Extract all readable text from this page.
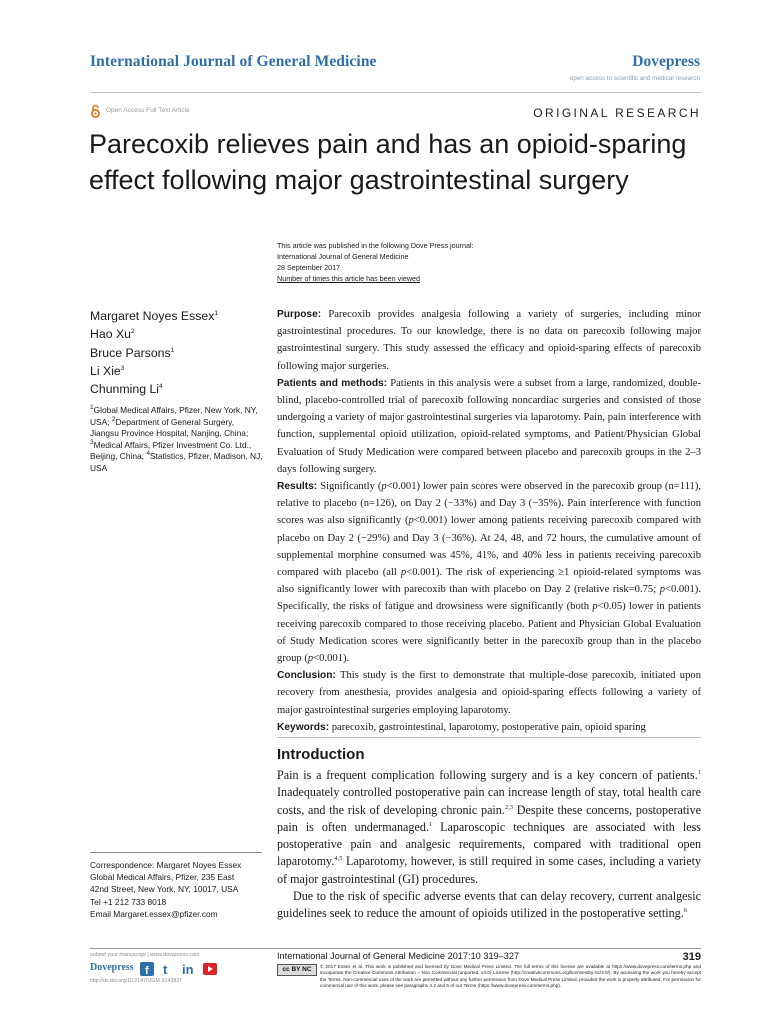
International Journal of General Medicine	Dovepress
open access to scientific and medical research
Open Access Full Text Article	ORIGINAL RESEARCH
Parecoxib relieves pain and has an opioid-sparing effect following major gastrointestinal surgery
This article was published in the following Dove Press journal:
International Journal of General Medicine
28 September 2017
Number of times this article has been viewed
Margaret Noyes Essex$^1$
Hao Xu$^2$
Bruce Parsons$^1$
Li Xie$^3$
Chunming Li$^4$
$^1$Global Medical Affairs, Pfizer, New York, NY, USA; $^2$Department of General Surgery, Jiangsu Province Hospital, Nanjing, China; $^3$Medical Affairs, Pfizer Investment Co. Ltd., Beijing, China; $^4$Statistics, Pfizer, Madison, NJ, USA

Purpose: Parecoxib provides analgesia following a variety of surgeries, including minor gastrointestinal procedures. To our knowledge, there is no data on parecoxib following major gastrointestinal surgery. This study assessed the efficacy and opioid-sparing effects of parecoxib following major surgeries.

Patients and methods: Patients in this analysis were a subset from a large, randomized, double-blind, placebo-controlled trial of parecoxib following noncardiac surgeries and consisted of those undergoing a variety of major gastrointestinal surgeries via laparotomy. Pain, pain interference with function, supplemental opioid utilization, opioid-related symptoms, and Patient/Physician Global Evaluation of Study Medication were compared between placebo and parecoxib groups in the 2–3 days following surgery.

Results: Significantly (p<0.001) lower pain scores were observed in the parecoxib group (n=111), relative to placebo (n=126), on Day 2 (−33%) and Day 3 (−35%). Pain interference with function scores was also significantly (p<0.001) lower among patients receiving parecoxib compared with placebo on Day 2 (−29%) and Day 3 (−36%). At 24, 48, and 72 hours, the cumulative amount of supplemental morphine consumed was 45%, 41%, and 40% less in patients receiving parecoxib compared with placebo (all p<0.001). The risk of experiencing ≥1 opioid-related symptoms was also significantly lower with parecoxib than with placebo on Day 2 (relative risk=0.75; p<0.001). Specifically, the risks of fatigue and drowsiness were significantly (both p<0.05) lower in patients receiving parecoxib compared to those receiving placebo. Patient and Physician Global Evaluation of Study Medication scores were significantly better in the parecoxib group than in the placebo group (p<0.001).

Conclusion: This study is the first to demonstrate that multiple-dose parecoxib, initiated upon recovery from anesthesia, provides analgesia and opioid-sparing effects following a variety of major gastrointestinal surgeries employing laparotomy.

Keywords: parecoxib, gastrointestinal, laparotomy, postoperative pain, opioid sparing

Introduction

Pain is a frequent complication following surgery and is a key concern of patients.$^1$ Inadequately controlled postoperative pain can increase length of stay, total health care costs, and the risk of developing chronic pain.$^{2,3}$ Despite these concerns, postoperative pain is often undermanaged.$^1$ Laparoscopic techniques are associated with less postoperative pain and analgesic requirements, compared with traditional open laparotomy.$^{4,5}$ Laparotomy, however, is still required in some cases, including a variety of major gastrointestinal (GI) procedures.

Due to the risk of specific adverse events that can delay recovery, current analgesic guidelines seek to reduce the amount of opioids utilized in the postoperative setting.$^6$

Correspondence: Margaret Noyes Essex
Global Medical Affairs, Pfizer, 235 East
42nd Street, New York, NY, 10017, USA
Tel +1 212 733 8018
Email Margaret.essex@pfizer.com
submit your manuscript | www.dovepress.com
Dovepress f t in
http://dx.doi.org/10.2147/IJGM.S143837
International Journal of General Medicine 2017:10 319–327	319
cc BY NC	© 2017 Essex et al. This work is published and licensed by Dove Medical Press Limited. The full terms of this license are available at https://www.dovepress.com/terms.php and incorporate the Creative Commons Attribution – Non Commercial (unported, v3.0) License (http://creativecommons.org/licenses/by-nc/3.0/). By accessing the work you hereby accept the Terms. Non-commercial uses of the work are permitted without any further permission from Dove Medical Press Limited, provided the work is properly attributed. For permission for commercial use of this work, please see paragraphs 4.2 and 5 of our Terms (https://www.dovepress.com/terms.php).
